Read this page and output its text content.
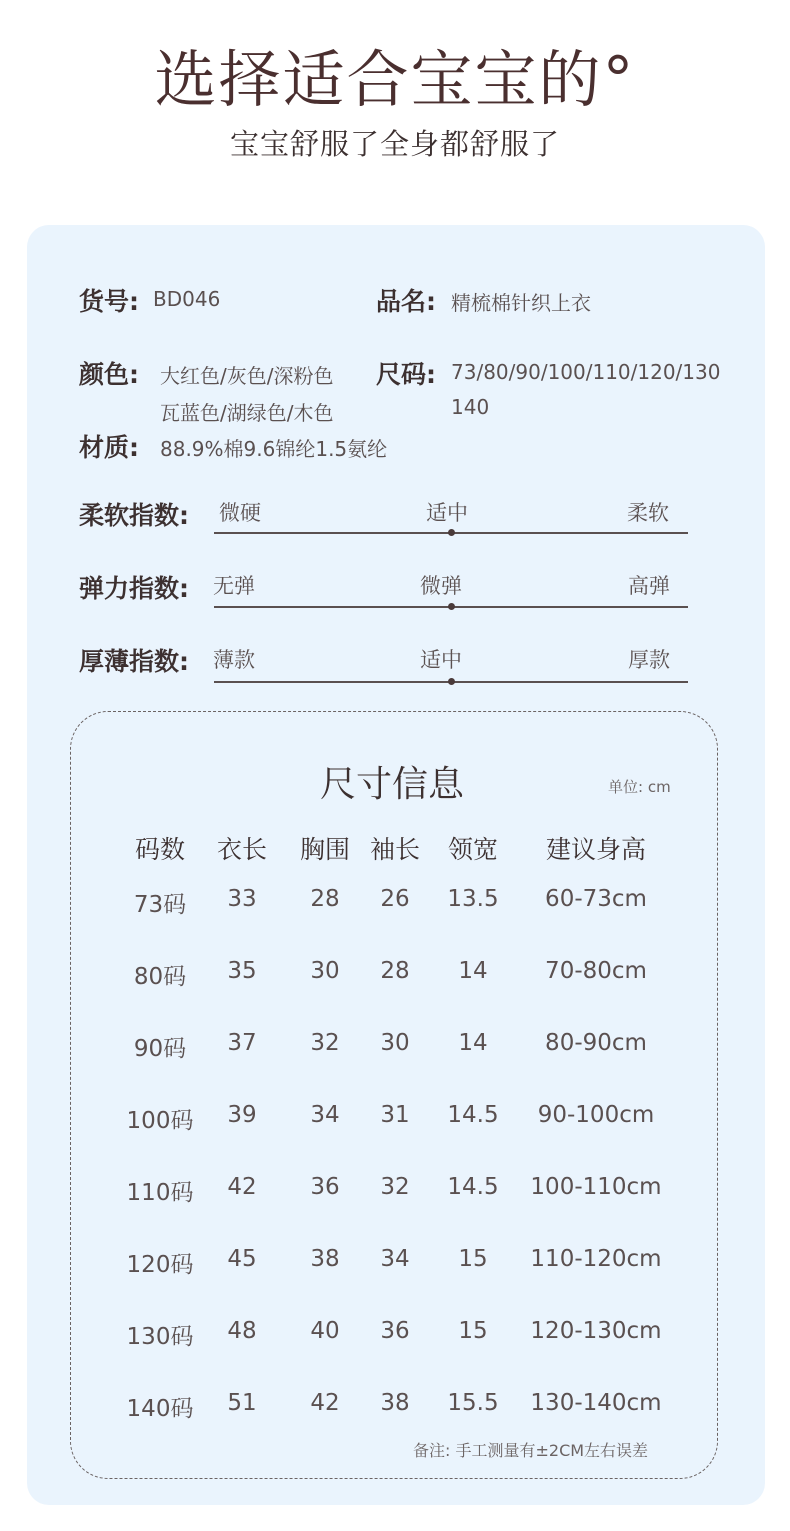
选择适合宝宝的°
宝宝舒服了全身都舒服了
货号: BD046	品名: 精梳棉针织上衣
颜色: 大红色/灰色/深粉色
瓦蓝色/湖绿色/木色
尺码: 73/80/90/100/110/120/130
140
材质: 88.9%棉9.6锦纶1.5氨纶
柔软指数: 微硬	适中	柔软
弹力指数: 无弹	微弹	高弹
厚薄指数: 薄款	适中	厚款
尺寸信息	单位: cm
码数 衣长 胸围 袖长 领宽 建议身高
73码 33 28 26 13.5 60-73cm
80码 35 30 28 14 70-80cm
90码 37 32 30 14 80-90cm
100码 39 34 31 14.5 90-100cm
110码 42 36 32 14.5 100-110cm
120码 45 38 34 15 110-120cm
130码 48 40 36 15 120-130cm
140码 51 42 38 15.5 130-140cm
备注: 手工测量有±2CM左右误差
